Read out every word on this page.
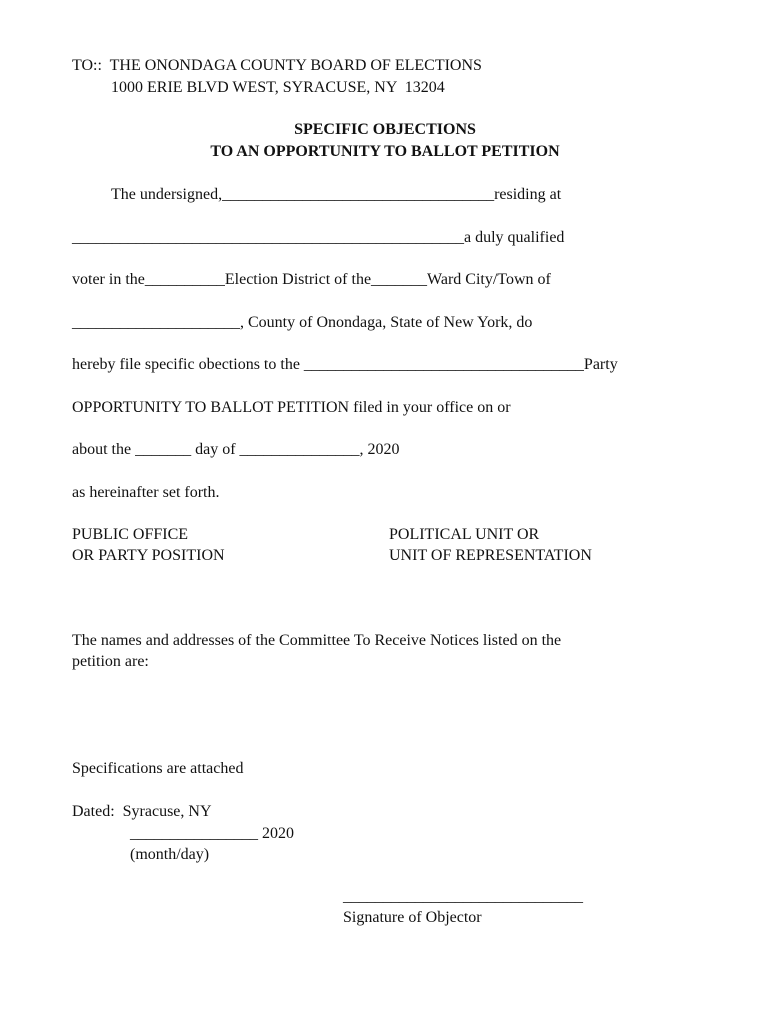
TO::  THE ONONDAGA COUNTY BOARD OF ELECTIONS
1000 ERIE BLVD WEST, SYRACUSE, NY  13204
SPECIFIC OBJECTIONS
TO AN OPPORTUNITY TO BALLOT PETITION
The undersigned,__________________________________residing at
_________________________________________________a duly qualified
voter in the__________Election District of the_______Ward City/Town of
_____________________, County of Onondaga, State of New York, do
hereby file specific obections to the ___________________________________Party
OPPORTUNITY TO BALLOT PETITION filed in your office on or
about the _______ day of _______________, 2020
as hereinafter set forth.
PUBLIC OFFICE
OR PARTY POSITION
POLITICAL UNIT OR
UNIT OF REPRESENTATION
The names and addresses of the Committee To Receive Notices listed on the
petition are:
Specifications are attached
Dated:  Syracuse, NY
________________ 2020
(month/day)
______________________________
Signature of Objector
